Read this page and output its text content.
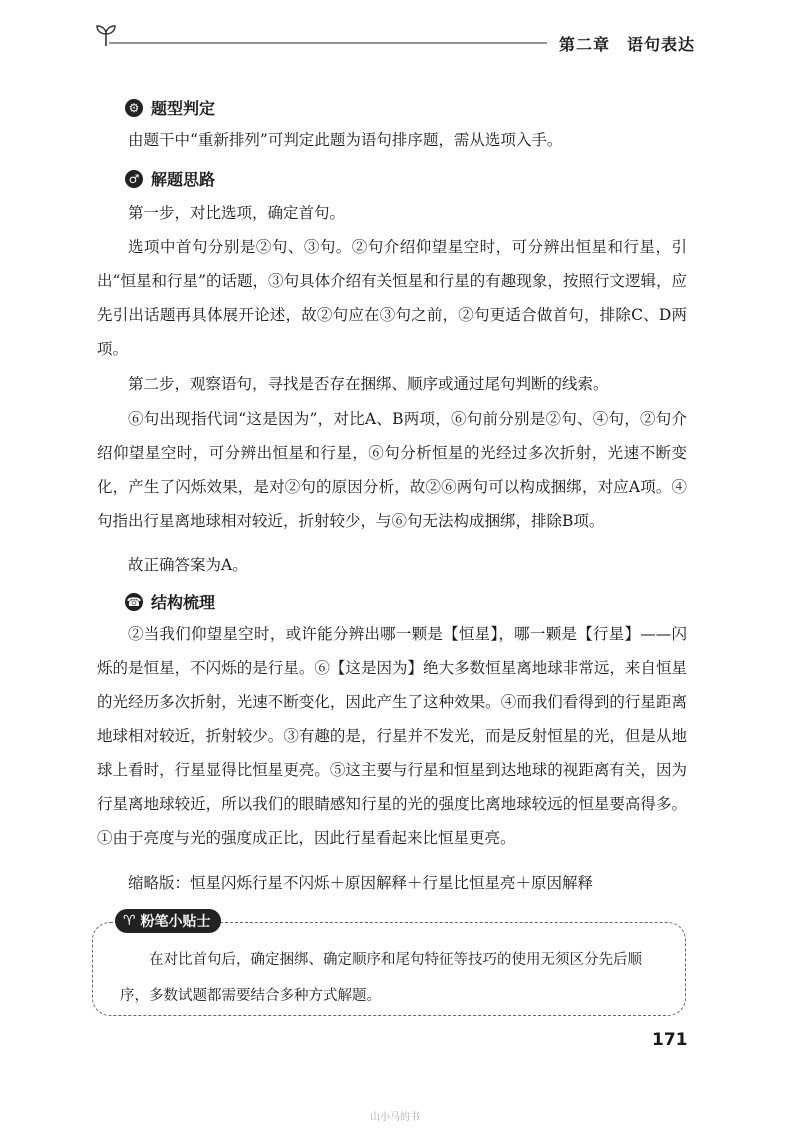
第二章　语句表达
⚙ 题型判定

由题干中“重新排列”可判定此题为语句排序题，需从选项入手。

♂ 解题思路

第一步，对比选项，确定首句。

选项中首句分别是②句、③句。②句介绍仰望星空时，可分辨出恒星和行星，引出“恒星和行星”的话题，③句具体介绍有关恒星和行星的有趣现象，按照行文逻辑，应先引出话题再具体展开论述，故②句应在③句之前，②句更适合做首句，排除C、D两项。

第二步，观察语句，寻找是否存在捆绑、顺序或通过尾句判断的线索。

⑥句出现指代词“这是因为”，对比A、B两项，⑥句前分别是②句、④句，②句介绍仰望星空时，可分辨出恒星和行星，⑥句分析恒星的光经过多次折射，光速不断变化，产生了闪烁效果，是对②句的原因分析，故②⑥两句可以构成捆绑，对应A项。④句指出行星离地球相对较近，折射较少，与⑥句无法构成捆绑，排除B项。

故正确答案为A。

☎ 结构梳理

②当我们仰望星空时，或许能分辨出哪一颗是【恒星】，哪一颗是【行星】——闪烁的是恒星，不闪烁的是行星。⑥【这是因为】绝大多数恒星离地球非常远，来自恒星的光经历多次折射，光速不断变化，因此产生了这种效果。④而我们看得到的行星距离地球相对较近，折射较少。③有趣的是，行星并不发光，而是反射恒星的光，但是从地球上看时，行星显得比恒星更亮。⑤这主要与行星和恒星到达地球的视距离有关，因为行星离地球较近，所以我们的眼睛感知行星的光的强度比离地球较远的恒星要高得多。①由于亮度与光的强度成正比，因此行星看起来比恒星更亮。

缩略版：恒星闪烁行星不闪烁＋原因解释＋行星比恒星亮＋原因解释

♈ 粉笔小贴士

在对比首句后，确定捆绑、确定顺序和尾句特征等技巧的使用无须区分先后顺序，多数试题都需要结合多种方式解题。

171
山小马的书
